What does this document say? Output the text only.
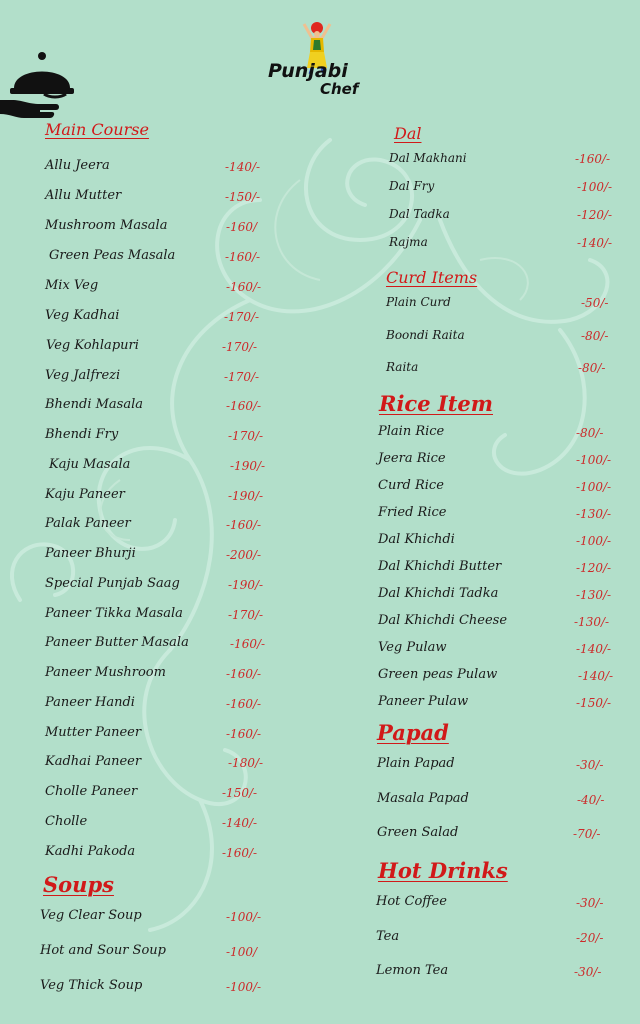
Punjabi
Chef
Main Course
Allu Jeera	-140/-
Allu Mutter	-150/-
Mushroom Masala	-160/
Green Peas Masala	-160/-
Mix Veg	-160/-
Veg Kadhai	-170/-
Veg Kohlapuri	-170/-
Veg Jalfrezi	-170/-
Bhendi Masala	-160/-
Bhendi Fry	-170/-
Kaju Masala	-190/-
Kaju Paneer	-190/-
Palak Paneer	-160/-
Paneer Bhurji	-200/-
Special Punjab Saag	-190/-
Paneer Tikka Masala	-170/-
Paneer Butter Masala	-160/-
Paneer Mushroom	-160/-
Paneer Handi	-160/-
Mutter Paneer	-160/-
Kadhai Paneer	-180/-
Cholle Paneer	-150/-
Cholle	-140/-
Kadhi Pakoda	-160/-
Soups
Veg Clear Soup	-100/-
Hot and Sour Soup	-100/
Veg Thick Soup	-100/-
Dal
Dal Makhani	-160/-
Dal Fry	-100/-
Dal Tadka	-120/-
Rajma	-140/-
Curd Items
Plain Curd	-50/-
Boondi Raita	-80/-
Raita	-80/-
Rice Item
Plain Rice	-80/-
Jeera Rice	-100/-
Curd Rice	-100/-
Fried Rice	-130/-
Dal Khichdi	-100/-
Dal Khichdi Butter	-120/-
Dal Khichdi Tadka	-130/-
Dal Khichdi Cheese	-130/-
Veg Pulaw	-140/-
Green peas Pulaw	-140/-
Paneer Pulaw	-150/-
Papad
Plain Papad	-30/-
Masala Papad	-40/-
Green Salad	-70/-
Hot Drinks
Hot Coffee	-30/-
Tea	-20/-
Lemon Tea	-30/-
